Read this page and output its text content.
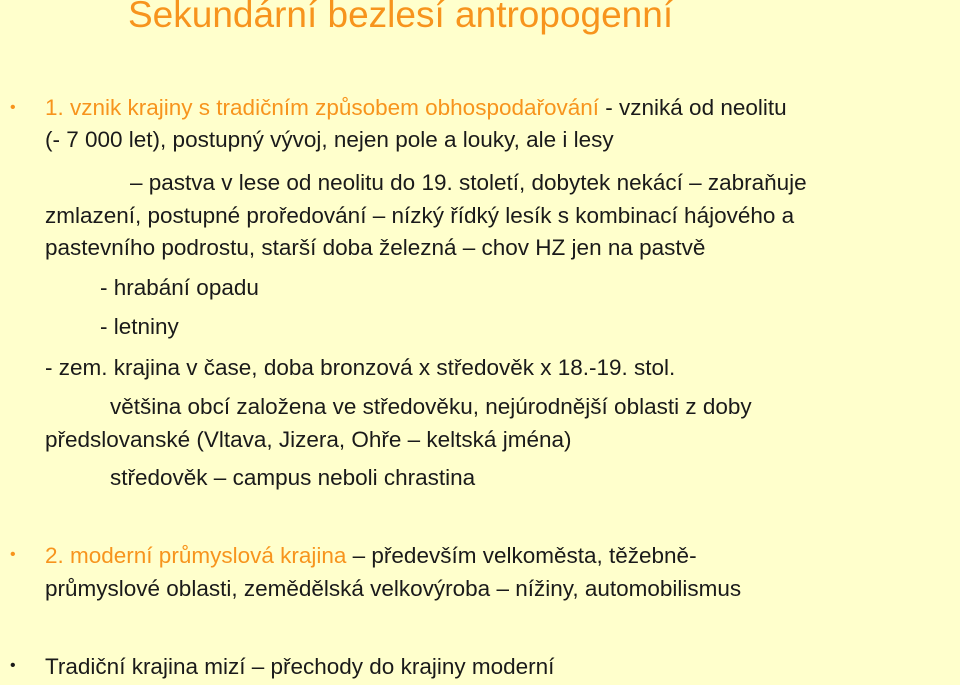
Sekundární bezlesí antropogenní
• 1. vznik krajiny s tradičním způsobem obhospodařování - vzniká od neolitu
(- 7 000 let), postupný vývoj, nejen pole a louky, ale i lesy
– pastva v lese od neolitu do 19. století, dobytek nekácí – zabraňuje
zmlazení, postupné proředování – nízký řídký lesík s kombinací hájového a
pastevního podrostu, starší doba železná – chov HZ jen na pastvě
- hrabání opadu
- letniny
- zem. krajina v čase, doba bronzová x středověk x 18.-19. stol.
většina obcí založena ve středověku, nejúrodnější oblasti z doby
předslovanské (Vltava, Jizera, Ohře – keltská jména)
středověk – campus neboli chrastina
• 2. moderní průmyslová krajina – především velkoměsta, těžebně-
průmyslové oblasti, zemědělská velkovýroba – nížiny, automobilismus
• Tradiční krajina mizí – přechody do krajiny moderní
